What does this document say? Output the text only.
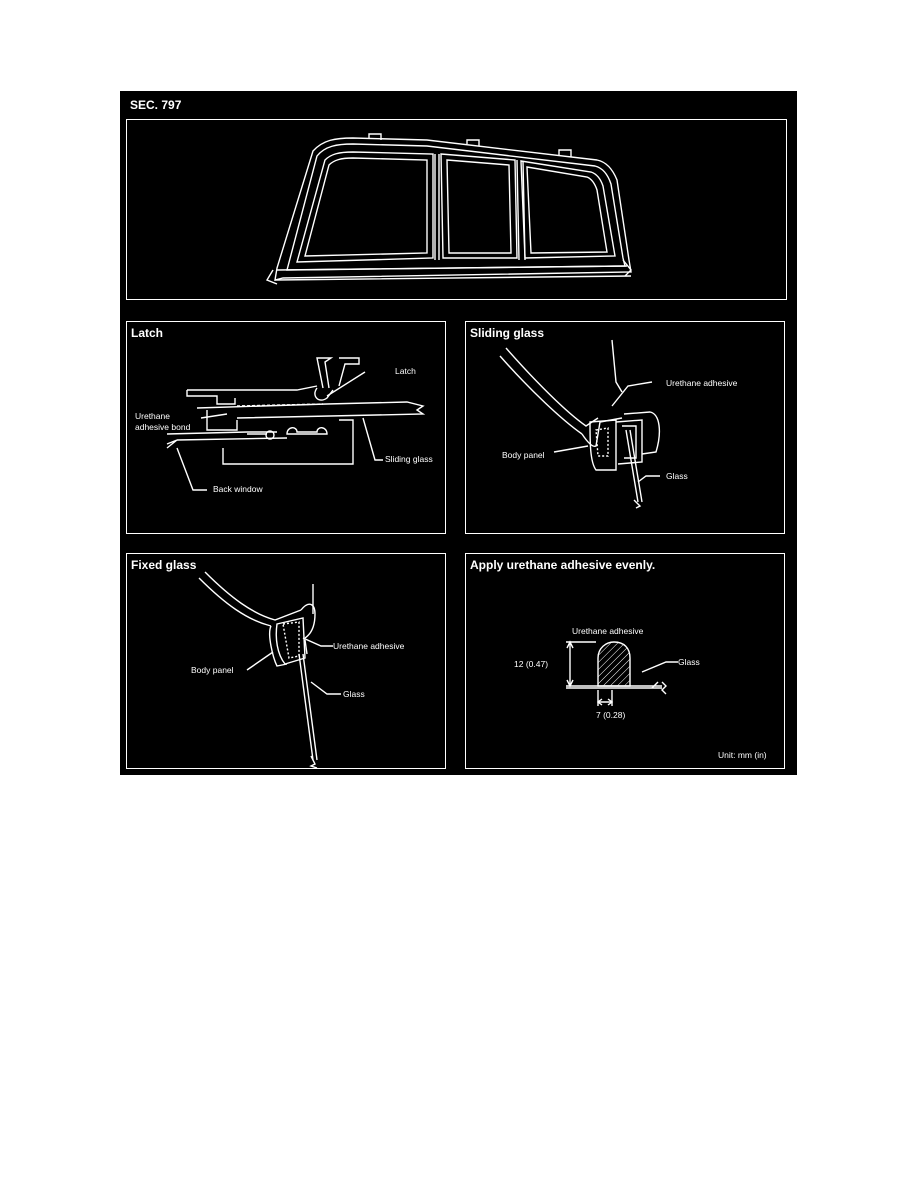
SEC. 797
Latch
Latch
Urethane
adhesive bond
Sliding glass
Back window
Sliding glass
Urethane adhesive
Body panel
Glass
Fixed glass
Urethane adhesive
Body panel
Glass
Apply urethane adhesive evenly.
Urethane adhesive
12 (0.47)	Glass
7 (0.28)
Unit: mm (in)
